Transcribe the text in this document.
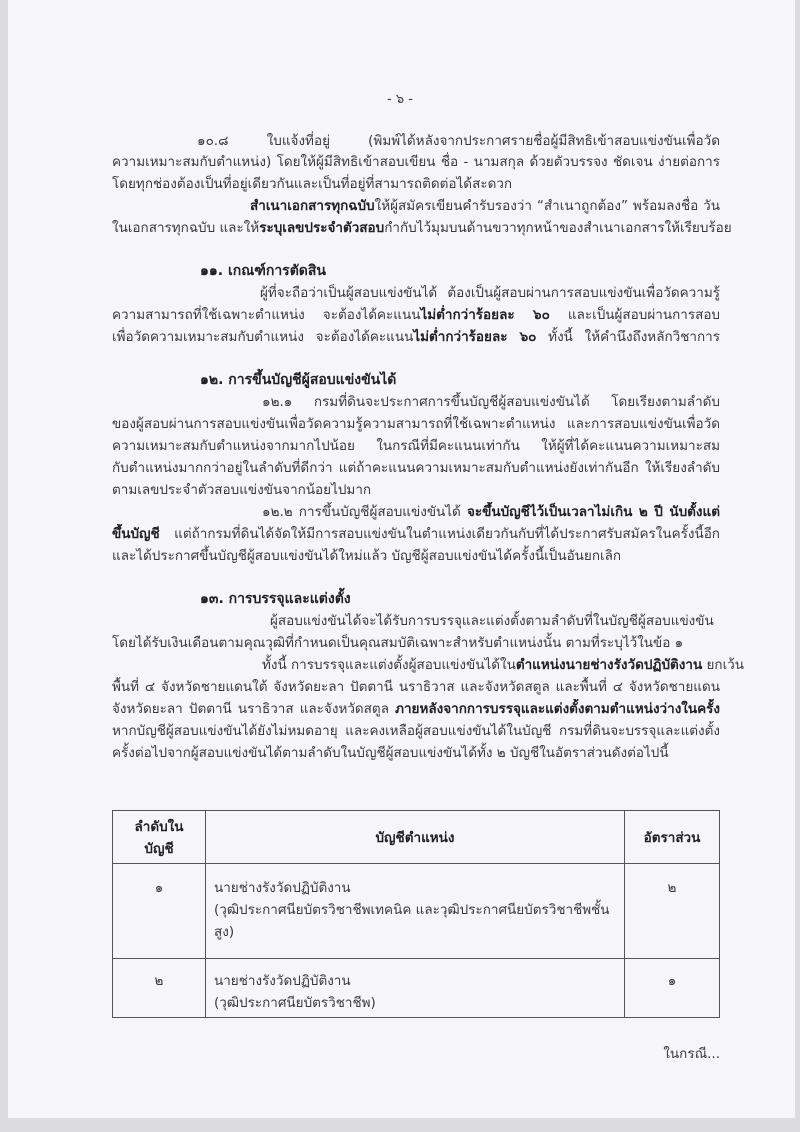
- ๖ -
๑๐.๘ ใบแจ้งที่อยู่ (พิมพ์ได้หลังจากประกาศรายชื่อผู้มีสิทธิเข้าสอบแข่งขันเพื่อวัด
ความเหมาะสมกับตำแหน่ง) โดยให้ผู้มีสิทธิเข้าสอบเขียน ชื่อ - นามสกุล ด้วยตัวบรรจง ชัดเจน ง่ายต่อการ
โดยทุกช่องต้องเป็นที่อยู่เดียวกันและเป็นที่อยู่ที่สามารถติดต่อได้สะดวก
สำเนาเอกสารทุกฉบับให้ผู้สมัครเขียนคำรับรองว่า “สำเนาถูกต้อง” พร้อมลงชื่อ วัน
ในเอกสารทุกฉบับ และให้ระบุเลขประจำตัวสอบกำกับไว้มุมบนด้านขวาทุกหน้าของสำเนาเอกสารให้เรียบร้อย
๑๑. เกณฑ์การตัดสิน
ผู้ที่จะถือว่าเป็นผู้สอบแข่งขันได้ ต้องเป็นผู้สอบผ่านการสอบแข่งขันเพื่อวัดความรู้
ความสามารถที่ใช้เฉพาะตำแหน่ง จะต้องได้คะแนนไม่ต่ำกว่าร้อยละ ๖๐ และเป็นผู้สอบผ่านการสอบ
เพื่อวัดความเหมาะสมกับตำแหน่ง จะต้องได้คะแนนไม่ต่ำกว่าร้อยละ ๖๐ ทั้งนี้ ให้คำนึงถึงหลักวิชาการ
๑๒. การขึ้นบัญชีผู้สอบแข่งขันได้
๑๒.๑ กรมที่ดินจะประกาศการขึ้นบัญชีผู้สอบแข่งขันได้ โดยเรียงตามลำดับ
ของผู้สอบผ่านการสอบแข่งขันเพื่อวัดความรู้ความสามารถที่ใช้เฉพาะตำแหน่ง และการสอบแข่งขันเพื่อวัด
ความเหมาะสมกับตำแหน่งจากมากไปน้อย ในกรณีที่มีคะแนนเท่ากัน ให้ผู้ที่ได้คะแนนความเหมาะสม
กับตำแหน่งมากกว่าอยู่ในลำดับที่ดีกว่า แต่ถ้าคะแนนความเหมาะสมกับตำแหน่งยังเท่ากันอีก ให้เรียงลำดับ
ตามเลขประจำตัวสอบแข่งขันจากน้อยไปมาก
๑๒.๒ การขึ้นบัญชีผู้สอบแข่งขันได้ จะขึ้นบัญชีไว้เป็นเวลาไม่เกิน ๒ ปี นับตั้งแต่
ขึ้นบัญชี แต่ถ้ากรมที่ดินได้จัดให้มีการสอบแข่งขันในตำแหน่งเดียวกันกับที่ได้ประกาศรับสมัครในครั้งนี้อีก
และได้ประกาศขึ้นบัญชีผู้สอบแข่งขันได้ใหม่แล้ว บัญชีผู้สอบแข่งขันได้ครั้งนี้เป็นอันยกเลิก
๑๓. การบรรจุและแต่งตั้ง
ผู้สอบแข่งขันได้จะได้รับการบรรจุและแต่งตั้งตามลำดับที่ในบัญชีผู้สอบแข่งขัน
โดยได้รับเงินเดือนตามคุณวุฒิที่กำหนดเป็นคุณสมบัติเฉพาะสำหรับตำแหน่งนั้น ตามที่ระบุไว้ในข้อ ๑
ทั้งนี้ การบรรจุและแต่งตั้งผู้สอบแข่งขันได้ในตำแหน่งนายช่างรังวัดปฏิบัติงาน ยกเว้น
พื้นที่ ๔ จังหวัดชายแดนใต้ จังหวัดยะลา ปัตตานี นราธิวาส และจังหวัดสตูล และพื้นที่ ๔ จังหวัดชายแดน
จังหวัดยะลา ปัตตานี นราธิวาส และจังหวัดสตูล ภายหลังจากการบรรจุและแต่งตั้งตามตำแหน่งว่างในครั้ง
หากบัญชีผู้สอบแข่งขันได้ยังไม่หมดอายุ และคงเหลือผู้สอบแข่งขันได้ในบัญชี กรมที่ดินจะบรรจุและแต่งตั้ง
ครั้งต่อไปจากผู้สอบแข่งขันได้ตามลำดับในบัญชีผู้สอบแข่งขันได้ทั้ง ๒ บัญชีในอัตราส่วนดังต่อไปนี้
ลำดับในบัญชี	บัญชีตำแหน่ง	อัตราส่วน
๑	นายช่างรังวัดปฏิบัติงาน
(วุฒิประกาศนียบัตรวิชาชีพเทคนิค และวุฒิประกาศนียบัตรวิชาชีพชั้นสูง)	๒
๒	นายช่างรังวัดปฏิบัติงาน
(วุฒิประกาศนียบัตรวิชาชีพ)	๑
ในกรณี...
